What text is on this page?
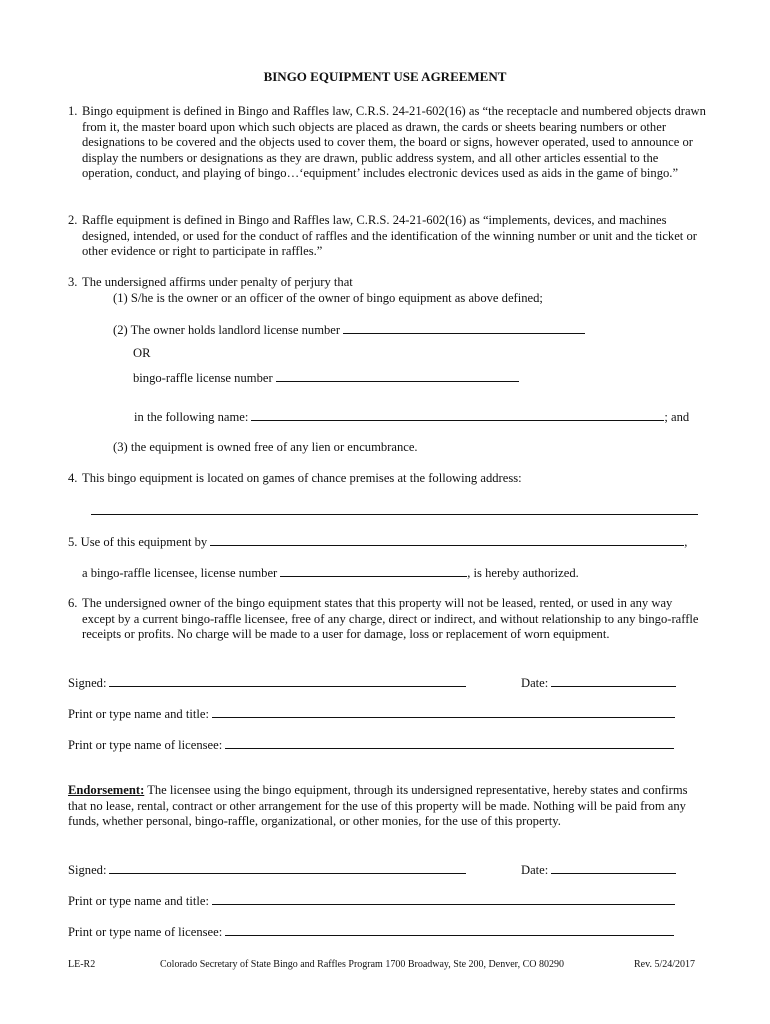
BINGO EQUIPMENT USE AGREEMENT
1. Bingo equipment is defined in Bingo and Raffles law, C.R.S. 24-21-602(16) as “the receptacle and numbered objects drawn from it, the master board upon which such objects are placed as drawn, the cards or sheets bearing numbers or other designations to be covered and the objects used to cover them, the board or signs, however operated, used to announce or display the numbers or designations as they are drawn, public address system, and all other articles essential to the operation, conduct, and playing of bingo…‘equipment’ includes electronic devices used as aids in the game of bingo.”
2. Raffle equipment is defined in Bingo and Raffles law, C.R.S. 24-21-602(16) as “implements, devices, and machines designed, intended, or used for the conduct of raffles and the identification of the winning number or unit and the ticket or other evidence or right to participate in raffles.”
3. The undersigned affirms under penalty of perjury that
(1) S/he is the owner or an officer of the owner of bingo equipment as above defined;
(2) The owner holds landlord license number
OR
bingo-raffle license number
in the following name:	; and
(3) the equipment is owned free of any lien or encumbrance.
4. This bingo equipment is located on games of chance premises at the following address:
5. Use of this equipment by	,
a bingo-raffle licensee, license number	, is hereby authorized.
6. The undersigned owner of the bingo equipment states that this property will not be leased, rented, or used in any way except by a current bingo-raffle licensee, free of any charge, direct or indirect, and without relationship to any bingo-raffle receipts or profits. No charge will be made to a user for damage, loss or replacement of worn equipment.
Signed:	Date:
Print or type name and title:
Print or type name of licensee:
Endorsement: The licensee using the bingo equipment, through its undersigned representative, hereby states and confirms that no lease, rental, contract or other arrangement for the use of this property will be made. Nothing will be paid from any funds, whether personal, bingo-raffle, organizational, or other monies, for the use of this property.
Signed:	Date:
Print or type name and title:
Print or type name of licensee:
LE-R2	Colorado Secretary of State Bingo and Raffles Program 1700 Broadway, Ste 200, Denver, CO 80290	Rev. 5/24/2017
